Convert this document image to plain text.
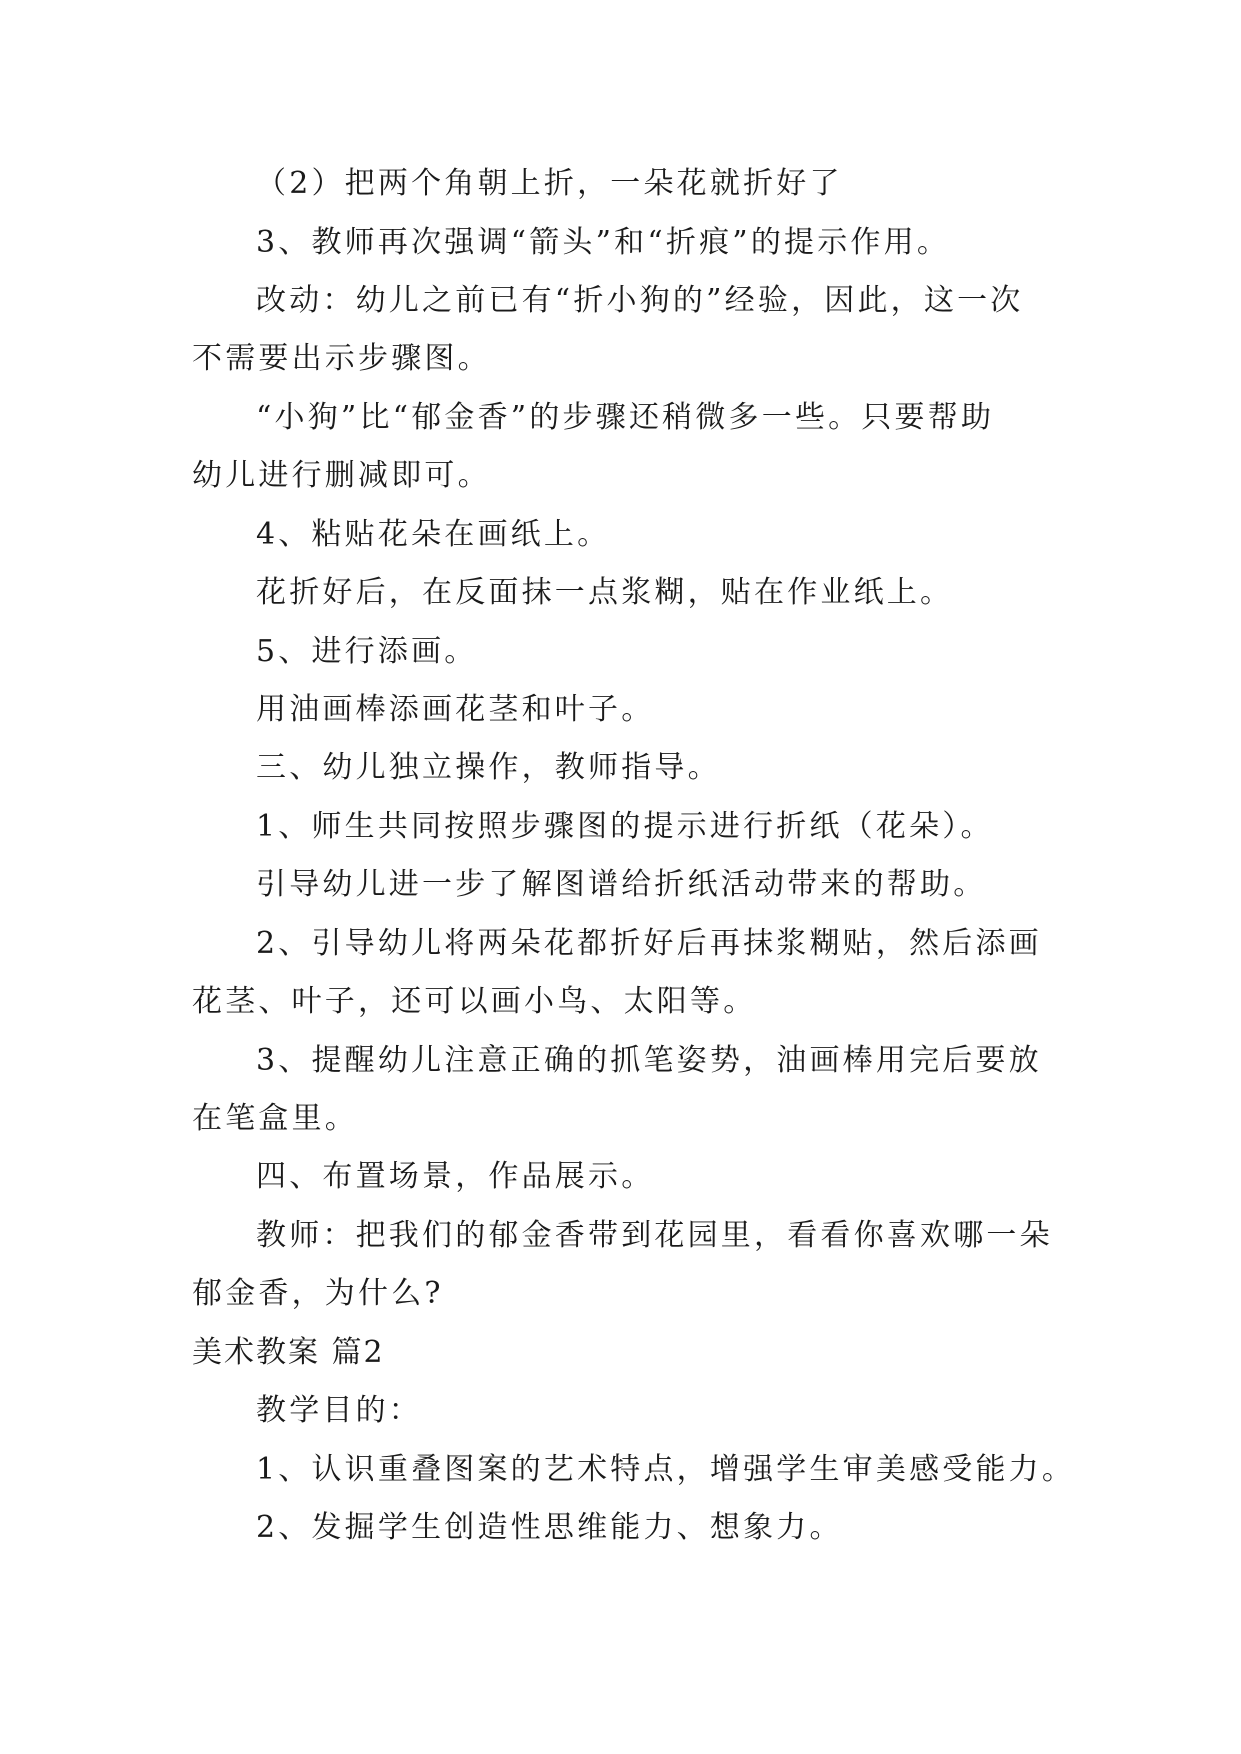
（2）把两个角朝上折，一朵花就折好了
3、教师再次强调“箭头”和“折痕”的提示作用。
改动：幼儿之前已有“折小狗的”经验，因此，这一次
不需要出示步骤图。
“小狗”比“郁金香”的步骤还稍微多一些。只要帮助
幼儿进行删减即可。
4、粘贴花朵在画纸上。
花折好后，在反面抹一点浆糊，贴在作业纸上。
5、进行添画。
用油画棒添画花茎和叶子。
三、幼儿独立操作，教师指导。
1、师生共同按照步骤图的提示进行折纸（花朵）。
引导幼儿进一步了解图谱给折纸活动带来的帮助。
2、引导幼儿将两朵花都折好后再抹浆糊贴，然后添画
花茎、叶子，还可以画小鸟、太阳等。
3、提醒幼儿注意正确的抓笔姿势，油画棒用完后要放
在笔盒里。
四、布置场景，作品展示。
教师：把我们的郁金香带到花园里，看看你喜欢哪一朵
郁金香，为什么?
美术教案 篇2
教学目的：
1、认识重叠图案的艺术特点，增强学生审美感受能力。
2、发掘学生创造性思维能力、想象力。
